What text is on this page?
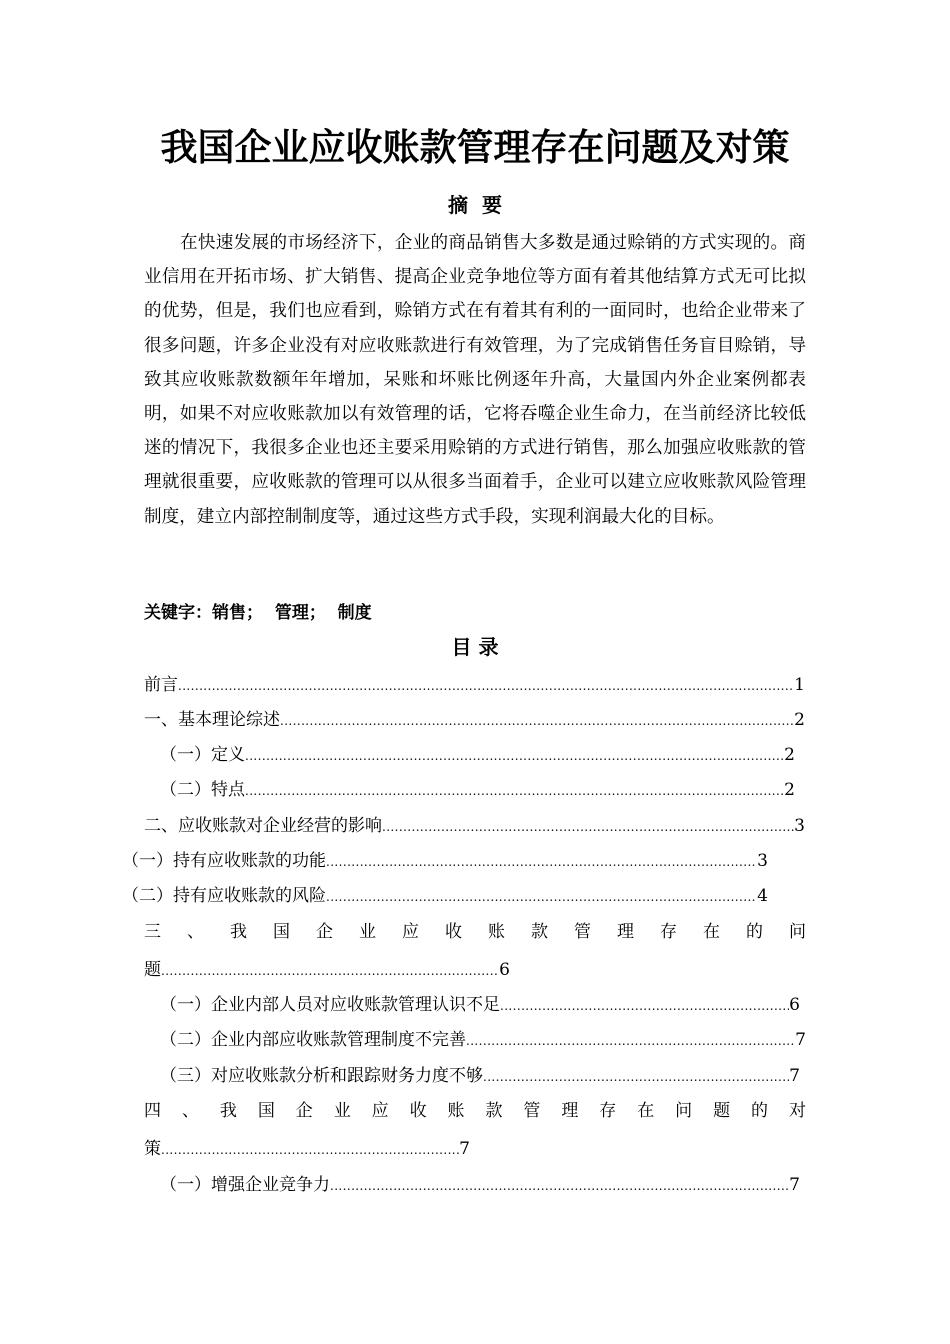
我国企业应收账款管理存在问题及对策
摘  要

在快速发展的市场经济下，企业的商品销售大多数是通过赊销的方式实现的。商业信用在开拓市场、扩大销售、提高企业竞争地位等方面有着其他结算方式无可比拟的优势，但是，我们也应看到，赊销方式在有着其有利的一面同时，也给企业带来了很多问题，许多企业没有对应收账款进行有效管理，为了完成销售任务盲目赊销，导致其应收账款数额年年增加，呆账和坏账比例逐年升高，大量国内外企业案例都表明，如果不对应收账款加以有效管理的话，它将吞噬企业生命力，在当前经济比较低迷的情况下，我很多企业也还主要采用赊销的方式进行销售，那么加强应收账款的管理就很重要，应收账款的管理可以从很多当面着手，企业可以建立应收账款风险管理制度，建立内部控制制度等，通过这些方式手段，实现利润最大化的目标。

关键字：销售；  管理；  制度
目 录
前言 .....	1
一、基本理论综述 .....	2
（一）定义 .....	2
（二）特点 .....	2
二、应收账款对企业经营的影响 .....	3
（一）持有应收账款的功能 .....	3
（二）持有应收账款的风险 .....	4
三 、 我 国 企 业 应 收 账 款 管 理 存 在 的 问
题 .....	6
（一）企业内部人员对应收账款管理认识不足 .....	6
（二）企业内部应收账款管理制度不完善 .....	7
（三）对应收账款分析和跟踪财务力度不够 .....	7
四 、 我 国 企 业 应 收 账 款 管 理 存 在 问 题 的 对
策 .....	7
（一）增强企业竞争力 .....	7
